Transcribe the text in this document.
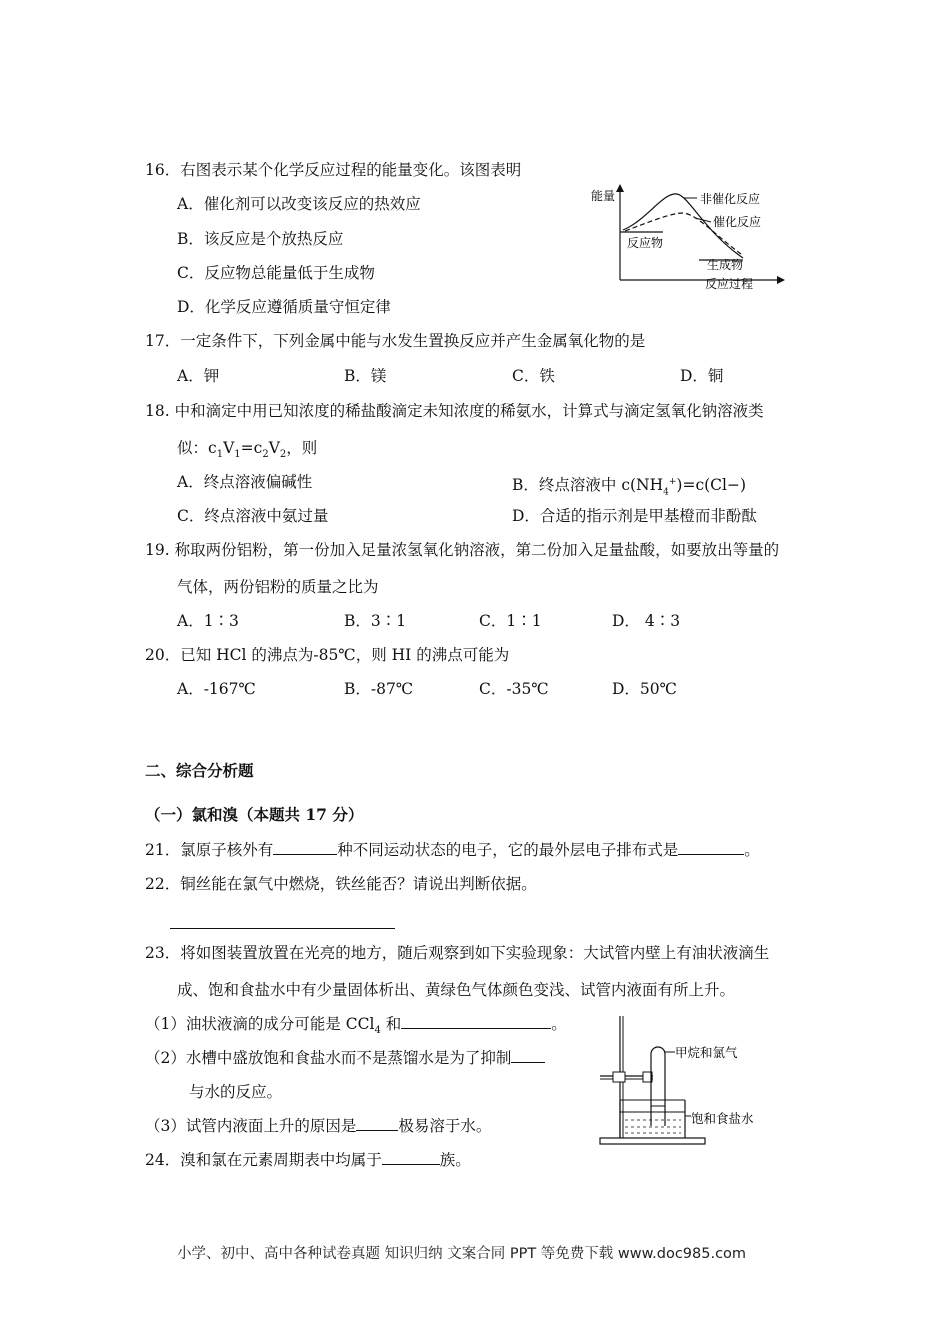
16．右图表示某个化学反应过程的能量变化。该图表明
A．催化剂可以改变该反应的热效应
B．该反应是个放热反应
C．反应物总能量低于生成物
D．化学反应遵循质量守恒定律
能量	非催化反应
催化反应
反应物
生成物
反应过程
17．一定条件下，下列金属中能与水发生置换反应并产生金属氧化物的是
A．钾	B．镁	C．铁	D．铜
18. 中和滴定中用已知浓度的稀盐酸滴定未知浓度的稀氨水，计算式与滴定氢氧化钠溶液类
似：$c_1V_1=c_2V_2$，则
A．终点溶液偏碱性	B．终点溶液中 $c(NH_4^+)=c(Cl-)$
C．终点溶液中氨过量	D．合适的指示剂是甲基橙而非酚酞
19. 称取两份铝粉，第一份加入足量浓氢氧化钠溶液，第二份加入足量盐酸，如要放出等量的
气体，两份铝粉的质量之比为
A．1∶3	B．3∶1	C．1∶1	D． 4∶3
20．已知 HCl 的沸点为-85℃，则 HI 的沸点可能为
A．-167℃	B．-87℃	C．-35℃	D．50℃
二、综合分析题
（一）氯和溴（本题共 17 分）
21．氯原子核外有	种不同运动状态的电子，它的最外层电子排布式是	。
22．铜丝能在氯气中燃烧，铁丝能否？请说出判断依据。
23．将如图装置放置在光亮的地方，随后观察到如下实验现象：大试管内壁上有油状液滴生
成、饱和食盐水中有少量固体析出、黄绿色气体颜色变浅、试管内液面有所上升。
（1）油状液滴的成分可能是 CCl$_4$ 和	。
（2）水槽中盛放饱和食盐水而不是蒸馏水是为了抑制
与水的反应。
（3）试管内液面上升的原因是	极易溶于水。
甲烷和氯气
饱和食盐水
24．溴和氯在元素周期表中均属于	族。
小学、初中、高中各种试卷真题 知识归纳 文案合同 PPT 等免费下载 www.doc985.com
